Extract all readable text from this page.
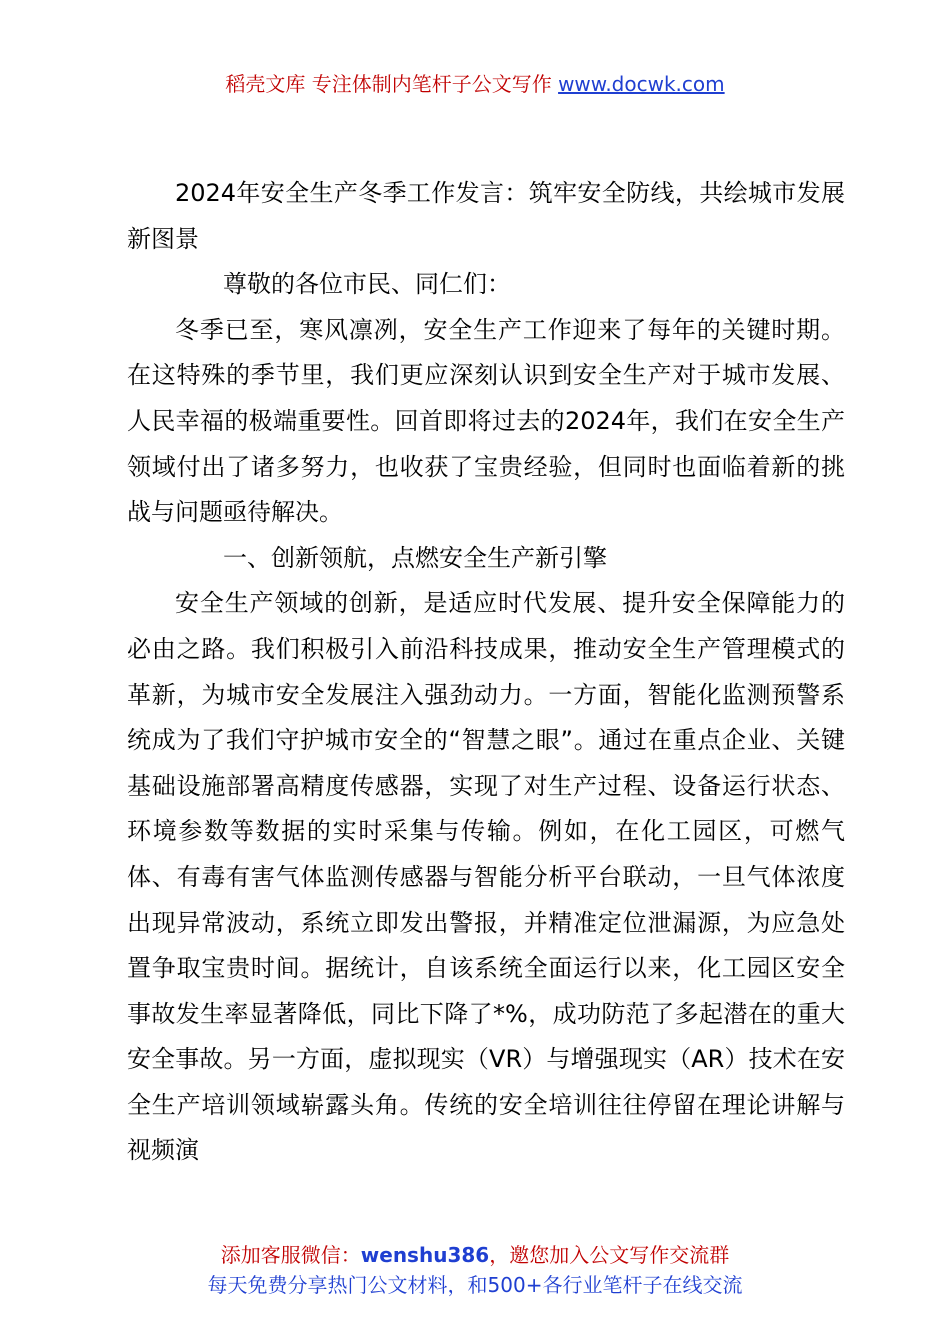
稻壳文库 专注体制内笔杆子公文写作 www.docwk.com

2024年安全生产冬季工作发言：筑牢安全防线，共绘城市发展新图景

尊敬的各位市民、同仁们：

冬季已至，寒风凛冽，安全生产工作迎来了每年的关键时期。在这特殊的季节里，我们更应深刻认识到安全生产对于城市发展、人民幸福的极端重要性。回首即将过去的2024年，我们在安全生产领域付出了诸多努力，也收获了宝贵经验，但同时也面临着新的挑战与问题亟待解决。

一、创新领航，点燃安全生产新引擎

安全生产领域的创新，是适应时代发展、提升安全保障能力的必由之路。我们积极引入前沿科技成果，推动安全生产管理模式的革新，为城市安全发展注入强劲动力。一方面，智能化监测预警系统成为了我们守护城市安全的“智慧之眼”。通过在重点企业、关键基础设施部署高精度传感器，实现了对生产过程、设备运行状态、环境参数等数据的实时采集与传输。例如，在化工园区，可燃气体、有毒有害气体监测传感器与智能分析平台联动，一旦气体浓度出现异常波动，系统立即发出警报，并精准定位泄漏源，为应急处置争取宝贵时间。据统计，自该系统全面运行以来，化工园区安全事故发生率显著降低，同比下降了*%，成功防范了多起潜在的重大安全事故。另一方面，虚拟现实（VR）与增强现实（AR）技术在安全生产培训领域崭露头角。传统的安全培训往往停留在理论讲解与视频演

添加客服微信：wenshu386，邀您加入公文写作交流群
每天免费分享热门公文材料，和500+各行业笔杆子在线交流
